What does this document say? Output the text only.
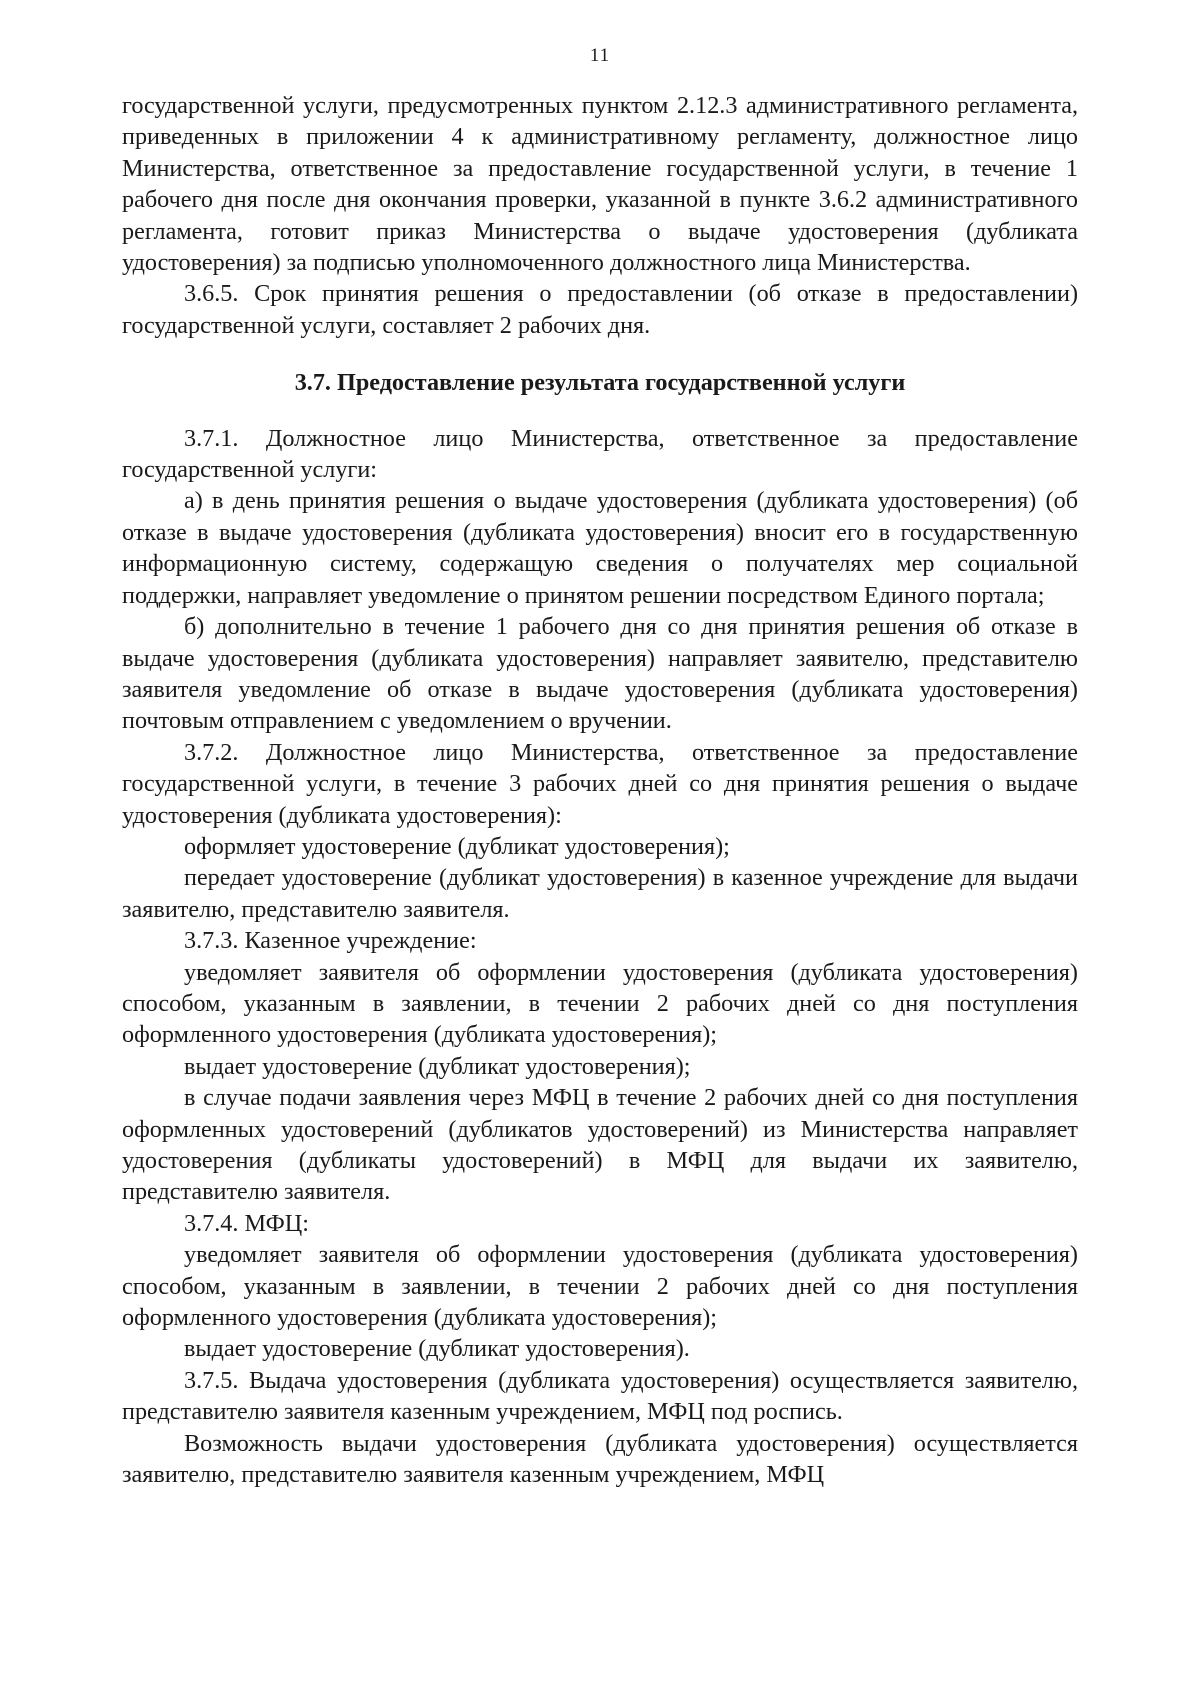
11

государственной услуги, предусмотренных пунктом 2.12.3 административного регламента, приведенных в приложении 4 к административному регламенту, должностное лицо Министерства, ответственное за предоставление государственной услуги, в течение 1 рабочего дня после дня окончания проверки, указанной в пункте 3.6.2 административного регламента, готовит приказ Министерства о выдаче удостоверения (дубликата удостоверения) за подписью уполномоченного должностного лица Министерства.

3.6.5. Срок принятия решения о предоставлении (об отказе в предоставлении) государственной услуги, составляет 2 рабочих дня.

3.7. Предоставление результата государственной услуги

3.7.1. Должностное лицо Министерства, ответственное за предоставление государственной услуги:

а) в день принятия решения о выдаче удостоверения (дубликата удостоверения) (об отказе в выдаче удостоверения (дубликата удостоверения) вносит его в государственную информационную систему, содержащую сведения о получателях мер социальной поддержки, направляет уведомление о принятом решении посредством Единого портала;

б) дополнительно в течение 1 рабочего дня со дня принятия решения об отказе в выдаче удостоверения (дубликата удостоверения) направляет заявителю, представителю заявителя уведомление об отказе в выдаче удостоверения (дубликата удостоверения) почтовым отправлением с уведомлением о вручении.

3.7.2. Должностное лицо Министерства, ответственное за предоставление государственной услуги, в течение 3 рабочих дней со дня принятия решения о выдаче удостоверения (дубликата удостоверения):

оформляет удостоверение (дубликат удостоверения);

передает удостоверение (дубликат удостоверения) в казенное учреждение для выдачи заявителю, представителю заявителя.

3.7.3. Казенное учреждение:

уведомляет заявителя об оформлении удостоверения (дубликата удостоверения) способом, указанным в заявлении, в течении 2 рабочих дней со дня поступления оформленного удостоверения (дубликата удостоверения);

выдает удостоверение (дубликат удостоверения);

в случае подачи заявления через МФЦ в течение 2 рабочих дней со дня поступления оформленных удостоверений (дубликатов удостоверений) из Министерства направляет удостоверения (дубликаты удостоверений) в МФЦ для выдачи их заявителю, представителю заявителя.

3.7.4. МФЦ:

уведомляет заявителя об оформлении удостоверения (дубликата удостоверения) способом, указанным в заявлении, в течении 2 рабочих дней со дня поступления оформленного удостоверения (дубликата удостоверения);

выдает удостоверение (дубликат удостоверения).

3.7.5. Выдача удостоверения (дубликата удостоверения) осуществляется заявителю, представителю заявителя казенным учреждением, МФЦ под роспись.

Возможность выдачи удостоверения (дубликата удостоверения) осуществляется заявителю, представителю заявителя казенным учреждением, МФЦ
